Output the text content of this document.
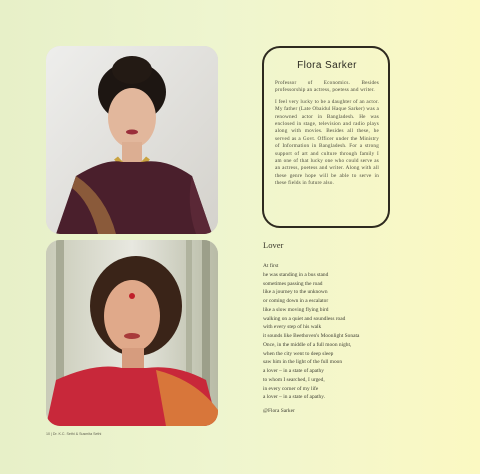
Flora Sarker

Professor of Economics. Besides professorship an actress, poetess and writer.

I feel very lucky to be a daughter of an actor. My father (Late Obaidul Haque Sarker) was a renowned actor in Bangladesh. He was enclosed in stage, television and radio plays along with movies. Besides all these, he served as a Govt. Officer under the Ministry of Information in Bangladesh. For a strong support of art and culture through family I am one of that lucky one who could serve as an actress, poetess and writer. Along with all these genre hope will be able to serve in these fields in future also.

Lover
At first
he was standing in a bus stand
sometimes passing the road
like a journey to the unknown
or coming down in a escalator
like a slow moving flying bird
walking on a quiet and soundless road
with every step of his walk
it sounds like Beethoven's Moonlight Sonata
Once, in the middle of a full moon night,
when the city went to deep sleep
saw him in the light of the full moon
a lover – in a state of apathy
to whom I searched, I urged,
in every corner of my life
a lover – in a state of apathy.
@Flora Sarker
10 | Dr. K.C. Sethi & Susmita Sethi
